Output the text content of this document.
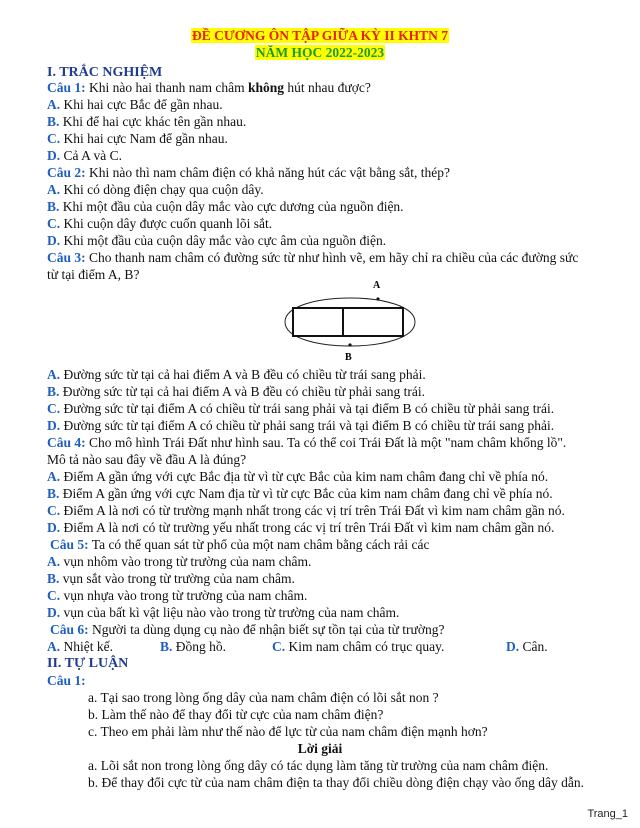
ĐỀ CƯƠNG ÔN TẬP GIỮA KỲ II KHTN 7
NĂM HỌC 2022-2023
I. TRẮC NGHIỆM
Câu 1: Khi nào hai thanh nam châm không hút nhau được?
A. Khi hai cực Bắc để gần nhau.
B. Khi để hai cực khác tên gần nhau.
C. Khi hai cực Nam để gần nhau.
D. Cả A và C.
Câu 2: Khi nào thì nam châm điện có khả năng hút các vật bằng sắt, thép?
A. Khi có dòng điện chạy qua cuộn dây.
B. Khi một đầu của cuộn dây mắc vào cực dương của nguồn điện.
C. Khi cuộn dây được cuốn quanh lõi sắt.
D. Khi một đầu của cuộn dây mắc vào cực âm của nguồn điện.
Câu 3: Cho thanh nam châm có đường sức từ như hình vẽ, em hãy chỉ ra chiều của các đường sức
từ tại điểm A, B?
A
B
A. Đường sức từ tại cả hai điểm A và B đều có chiều từ trái sang phải.
B. Đường sức từ tại cả hai điểm A và B đều có chiều từ phải sang trái.
C. Đường sức từ tại điểm A có chiều từ trái sang phải và tại điểm B có chiều từ phải sang trái.
D. Đường sức từ tại điểm A có chiều từ phải sang trái và tại điểm B có chiều từ trái sang phải.
Câu 4: Cho mô hình Trái Đất như hình sau. Ta có thể coi Trái Đất là một "nam châm khổng lồ".
Mô tả nào sau đây về đầu A là đúng?
A. Điểm A gần ứng với cực Bắc địa từ vì từ cực Bắc của kim nam châm đang chỉ về phía nó.
B. Điểm A gần ứng với cực Nam địa từ vì từ cực Bắc của kim nam châm đang chỉ về phía nó.
C. Điểm A là nơi có từ trường mạnh nhất trong các vị trí trên Trái Đất vì kim nam châm gần nó.
D. Điểm A là nơi có từ trường yếu nhất trong các vị trí trên Trái Đất vì kim nam châm gần nó.
Câu 5: Ta có thể quan sát từ phổ của một nam châm bằng cách rải các
A. vụn nhôm vào trong từ trường của nam châm.
B. vụn sắt vào trong từ trường của nam châm.
C. vụn nhựa vào trong từ trường của nam châm.
D. vụn của bất kì vật liệu nào vào trong từ trường của nam châm.
Câu 6: Người ta dùng dụng cụ nào để nhận biết sự tồn tại của từ trường?
A. Nhiệt kế.	B. Đồng hồ.	C. Kim nam châm có trục quay.	D. Cân.
II. TỰ LUẬN
Câu 1:
a. Tại sao trong lòng ống dây của nam châm điện có lõi sắt non ?
b. Làm thế nào để thay đổi từ cực của nam châm điện?
c. Theo em phải làm như thế nào để lực từ của nam châm điện mạnh hơn?
Lời giải
a. Lõi sắt non trong lòng ống dây có tác dụng làm tăng từ trường của nam châm điện.
b. Để thay đổi cực từ của nam châm điện ta thay đổi chiều dòng điện chạy vào ống dây dẫn.
Trang_1
